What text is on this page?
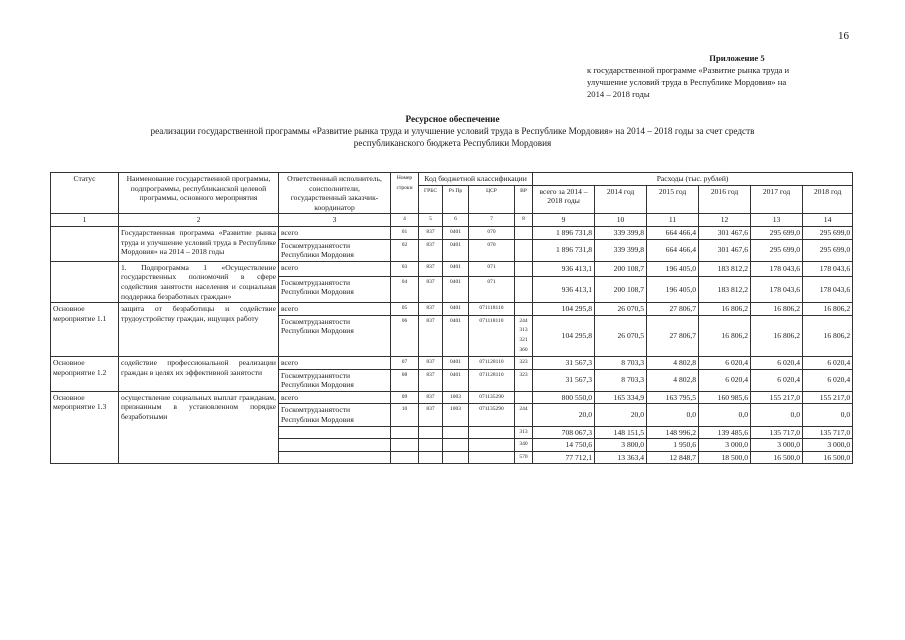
16
Приложение 5
к государственной программе «Развитие рынка труда и
улучшение условий труда в Республике Мордовия» на
2014 – 2018 годы
Ресурсное обеспечение
реализации государственной программы «Развитие рынка труда и улучшение условий труда в Республике Мордовия» на 2014 – 2018 годы за счет средств
республиканского бюджета Республики Мордовия
Статус	Наименование государственной программы, подпрограммы, республиканской целевой программы, основного мероприятия	Ответственный исполнитель, соисполнители, государственный заказчик-координатор	Номер строки	Код бюджетной классификации				Расходы (тыс. рублей)					
				ГРБС	Рз Пр	ЦСР	ВР	всего за 2014 – 2018 годы	2014 год	2015 год	2016 год	2017 год	2018 год

1	2	3	4	5	6	7	8	9	10	11	12	13	14
	Государственная программа «Развитие рынка труда и улучшение условий труда в Республике Мордовия» на 2014 – 2018 годы	всего	01	837	0401	070		1 896 731,8	339 399,8	664 466,4	301 467,6	295 699,0	295 699,0
		Госкомтрудзанятости Республики Мордовия	02	837	0401	070		1 896 731,8	339 399,8	664 466,4	301 467,6	295 699,0	295 699,0
	1. Подпрограмма 1 «Осуществление государственных полномочий в сфере содействия занятости населения и социальная поддержка безработных граждан»	всего	03	837	0401	071		936 413,1	200 108,7	196 405,0	183 812,2	178 043,6	178 043,6
		Госкомтрудзанятости Республики Мордовия	04	837	0401	071		936 413,1	200 108,7	196 405,0	183 812,2	178 043,6	178 043,6
Основное мероприятие 1.1	защита от безработицы и содействие трудоустройству граждан, ищущих работу	всего	05	837	0401	071118110		104 295,8	26 070,5	27 806,7	16 806,2	16 806,2	16 806,2
		Госкомтрудзанятости Республики Мордовия	06	837	0401	071118110	244 313 321 360	104 295,8	26 070,5	27 806,7	16 806,2	16 806,2	16 806,2
Основное мероприятие 1.2	содействие профессиональной реализации граждан в целях их эффективной занятости	всего	07	837	0401	071128110	323	31 567,3	8 703,3	4 802,8	6 020,4	6 020,4	6 020,4
		Госкомтрудзанятости Республики Мордовия	08	837	0401	071128110	323	31 567,3	8 703,3	4 802,8	6 020,4	6 020,4	6 020,4
Основное мероприятие 1.3	осуществление социальных выплат гражданам, признанным в установленном порядке безработными	всего	09	837	1003	071135290		800 550,0	165 334,9	163 795,5	160 985,6	155 217,0	155 217,0
		Госкомтрудзанятости Республики Мордовия	10	837	1003	071135290	244	20,0	20,0	0,0	0,0	0,0	0,0
							313	708 067,3	148 151,5	148 996,2	139 485,6	135 717,0	135 717,0
							340	14 750,6	3 800,0	1 950,6	3 000,0	3 000,0	3 000,0
							570	77 712,1	13 363,4	12 848,7	18 500,0	16 500,0	16 500,0
